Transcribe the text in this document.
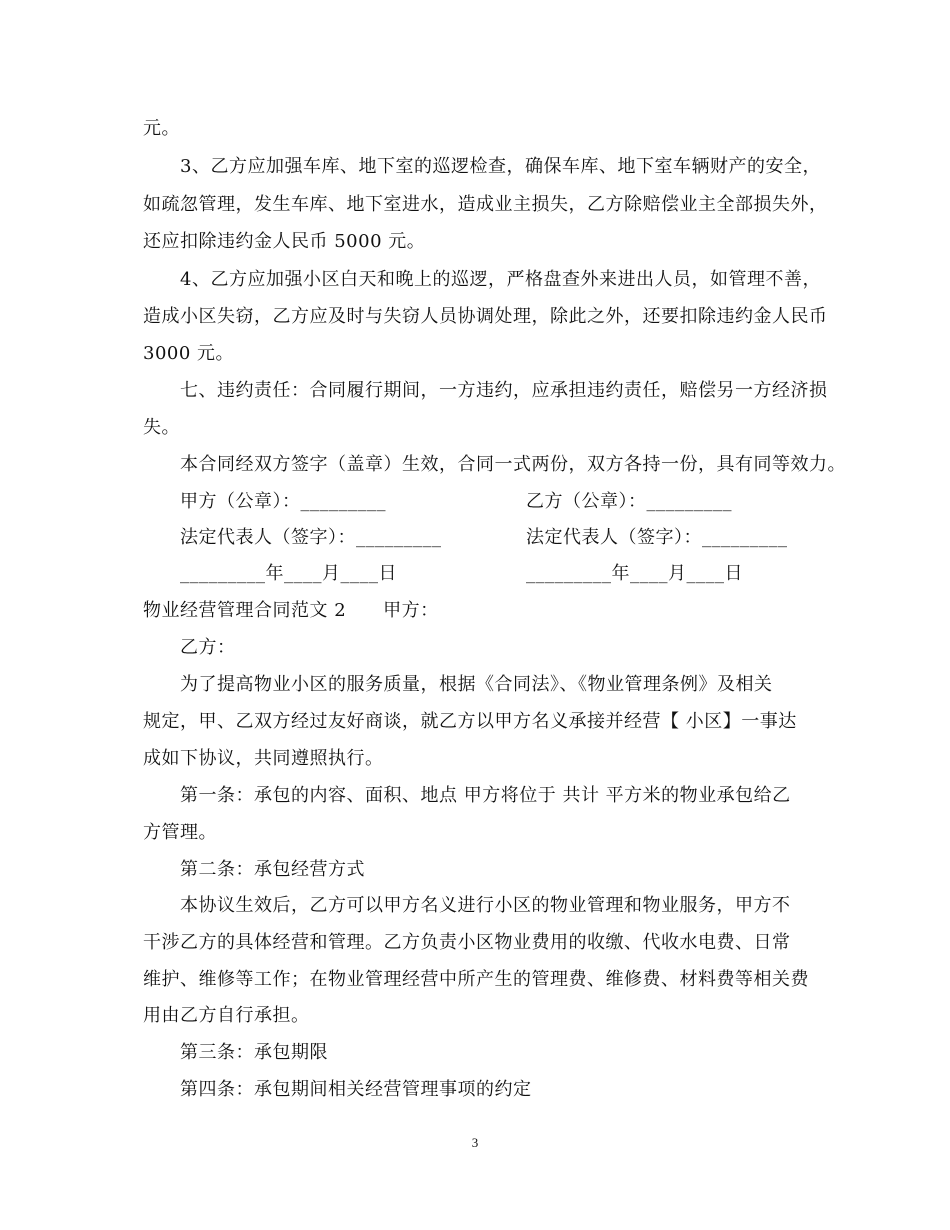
元。
3、乙方应加强车库、地下室的巡逻检查，确保车库、地下室车辆财产的安全，
如疏忽管理，发生车库、地下室进水，造成业主损失，乙方除赔偿业主全部损失外，
还应扣除违约金人民币 5000 元。
4、乙方应加强小区白天和晚上的巡逻，严格盘查外来进出人员，如管理不善，
造成小区失窃，乙方应及时与失窃人员协调处理，除此之外，还要扣除违约金人民币
3000 元。
七、违约责任：合同履行期间，一方违约，应承担违约责任，赔偿另一方经济损
失。
本合同经双方签字（盖章）生效，合同一式两份，双方各持一份，具有同等效力。
甲方（公章）：_________	乙方（公章）：_________
法定代表人（签字）：_________	法定代表人（签字）：_________
_________年____月____日	_________年____月____日
物业经营管理合同范文 2　　甲方：
乙方：
为了提高物业小区的服务质量，根据《合同法》、《物业管理条例》及相关
规定，甲、乙双方经过友好商谈，就乙方以甲方名义承接并经营【 小区】一事达
成如下协议，共同遵照执行。
第一条：承包的内容、面积、地点 甲方将位于 共计 平方米的物业承包给乙
方管理。
第二条：承包经营方式
本协议生效后，乙方可以甲方名义进行小区的物业管理和物业服务，甲方不
干涉乙方的具体经营和管理。乙方负责小区物业费用的收缴、代收水电费、日常
维护、维修等工作；在物业管理经营中所产生的管理费、维修费、材料费等相关费
用由乙方自行承担。
第三条：承包期限
第四条：承包期间相关经营管理事项的约定
3
